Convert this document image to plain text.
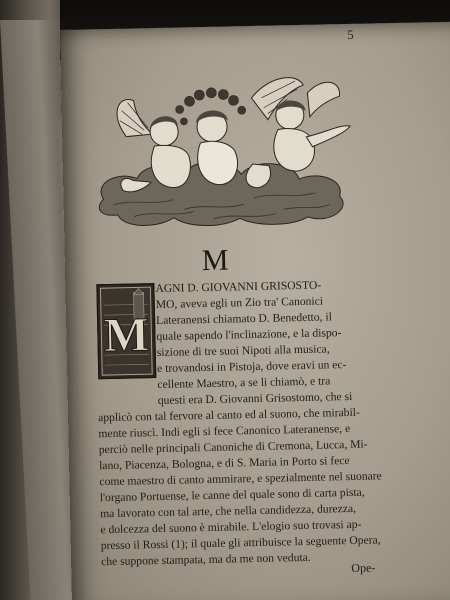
5
M
M
AGNI D. GIOVANNI GRISOSTO-
MO, aveva egli un Zio tra' Canonici
Lateranensi chiamato D. Benedetto, il
quale sapendo l'inclinazione, e la dispo-
sizione di tre suoi Nipoti alla musica,
e trovandosi in Pistoja, dove eravi un ec-
cellente Maestro, a se li chiamò, e tra
questi era D. Giovanni Grisostomo, che si
applicò con tal fervore al canto ed al suono, che mirabil-
mente riuscì. Indi egli si fece Canonico Lateranense, e
perciò nelle principali Canoniche di Cremona, Lucca, Mi-
lano, Piacenza, Bologna, e di S. Maria in Porto si fece
come maestro di canto ammirare, e spezialmente nel suonare
l'organo Portuense, le canne del quale sono di carta pista,
ma lavorato con tal arte, che nella candidezza, durezza,
e dolcezza del suono è mirabile. L'elogio suo trovasi ap-
presso il Rossi (1); il quale gli attribuisce la seguente Opera,
che suppone stampata, ma da me non veduta.	Ope-
